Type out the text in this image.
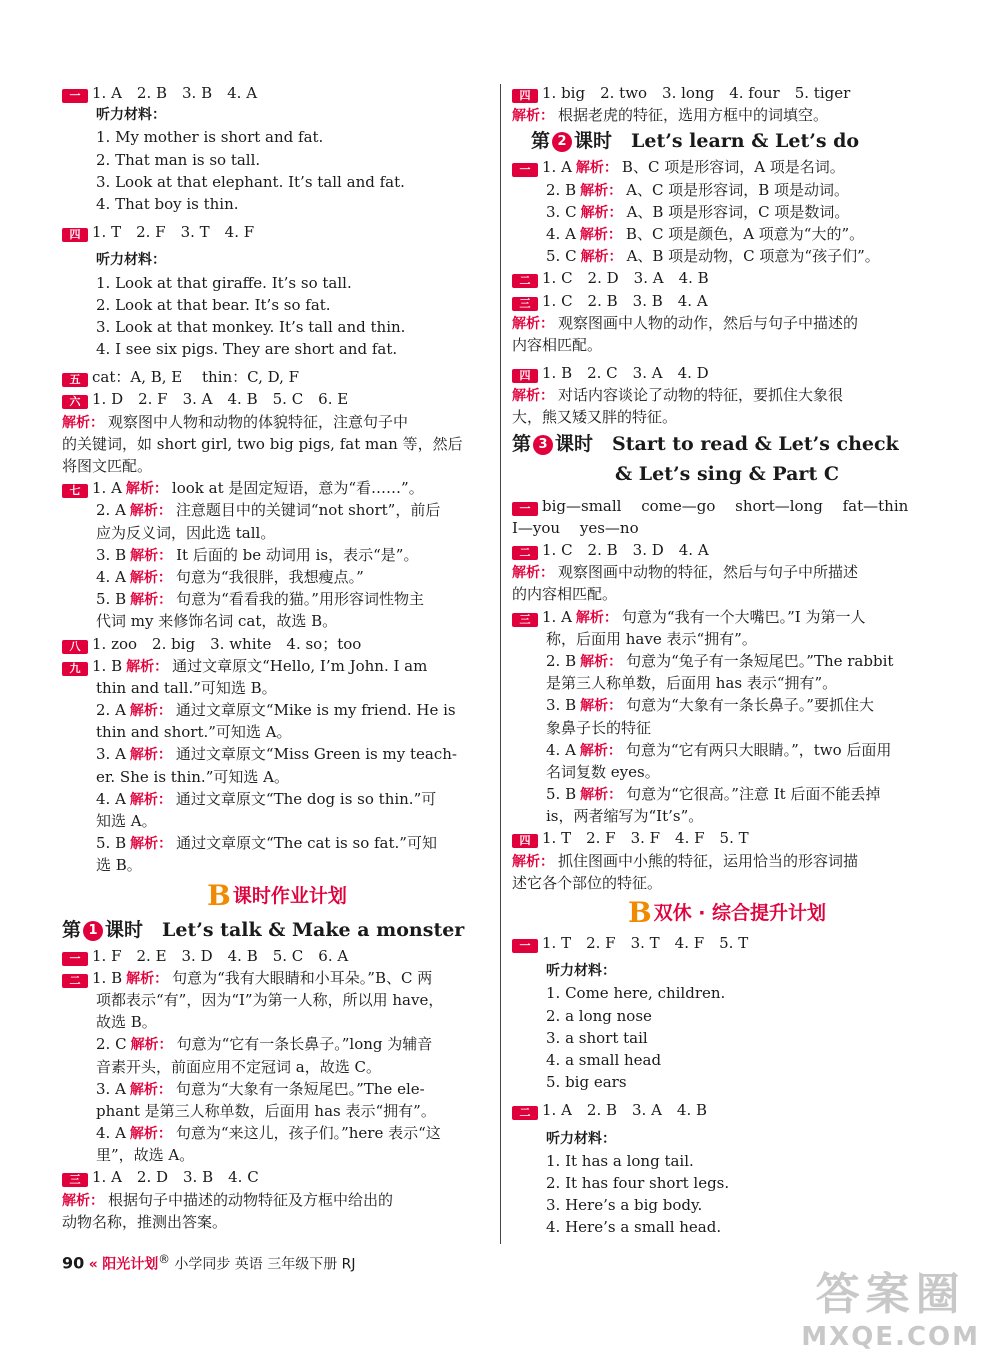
一 1. A　2. B　3. B　4. A
听力材料：
1. My mother is short and fat.
2. That man is so tall.
3. Look at that elephant. It’s tall and fat.
4. That boy is thin.
四 1. T　2. F　3. T　4. F
听力材料：
1. Look at that giraffe. It’s so tall.
2. Look at that bear. It’s so fat.
3. Look at that monkey. It’s tall and thin.
4. I see six pigs. They are short and fat.
五 cat：A, B, E　 thin：C, D, F
六 1. D　2. F　3. A　4. B　5. C　6. E
解析： 观察图中人物和动物的体貌特征，注意句子中
的关键词，如 short girl, two big pigs, fat man 等，然后
将图文匹配。
七 1. A 解析： look at 是固定短语，意为“看……”。
2. A 解析： 注意题目中的关键词“not short”，前后
应为反义词，因此选 tall。
3. B 解析： It 后面的 be 动词用 is，表示“是”。
4. A 解析： 句意为“我很胖，我想瘦点。”
5. B 解析： 句意为“看看我的猫。”用形容词性物主
代词 my 来修饰名词 cat，故选 B。
八 1. zoo　2. big　3. white　4. so；too
九 1. B 解析： 通过文章原文“Hello, I’m John. I am
thin and tall.”可知选 B。
2. A 解析： 通过文章原文“Mike is my friend. He is
thin and short.”可知选 A。
3. A 解析： 通过文章原文“Miss Green is my teach-
er. She is thin.”可知选 A。
4. A 解析： 通过文章原文“The dog is so thin.”可
知选 A。
5. B 解析： 通过文章原文“The cat is so fat.”可知
选 B。
B 课时作业计划
第 1 课时　Let’s talk & Make a monster
一 1. F　2. E　3. D　4. B　5. C　6. A
二 1. B 解析： 句意为“我有大眼睛和小耳朵。”B、C 两
项都表示“有”，因为“I”为第一人称，所以用 have，
故选 B。
2. C 解析： 句意为“它有一条长鼻子。”long 为辅音
音素开头，前面应用不定冠词 a，故选 C。
3. A 解析： 句意为“大象有一条短尾巴。”The ele-
phant 是第三人称单数，后面用 has 表示“拥有”。
4. A 解析： 句意为“来这儿，孩子们。”here 表示“这
里”，故选 A。
三 1. A　2. D　3. B　4. C
解析： 根据句子中描述的动物特征及方框中给出的
动物名称，推测出答案。
四 1. big　2. two　3. long　4. four　5. tiger
解析： 根据老虎的特征，选用方框中的词填空。
　第 2 课时　Let’s learn & Let’s do
一 1. A 解析： B、C 项是形容词，A 项是名词。
2. B 解析： A、C 项是形容词，B 项是动词。
3. C 解析： A、B 项是形容词，C 项是数词。
4. A 解析： B、C 项是颜色，A 项意为“大的”。
5. C 解析： A、B 项是动物，C 项意为“孩子们”。
二 1. C　2. D　3. A　4. B
三 1. C　2. B　3. B　4. A
解析： 观察图画中人物的动作，然后与句子中描述的
内容相匹配。
四 1. B　2. C　3. A　4. D
解析： 对话内容谈论了动物的特征，要抓住大象很
大，熊又矮又胖的特征。
第 3 课时　Start to read & Let’s check
& Let’s sing & Part C
一 big—small　 come—go　 short—long　 fat—thin
I—you　 yes—no
二 1. C　2. B　3. D　4. A
解析： 观察图画中动物的特征，然后与句子中所描述
的内容相匹配。
三 1. A 解析： 句意为“我有一个大嘴巴。”I 为第一人
称，后面用 have 表示“拥有”。
2. B 解析： 句意为“兔子有一条短尾巴。”The rabbit
是第三人称单数，后面用 has 表示“拥有”。
3. B 解析： 句意为“大象有一条长鼻子。”要抓住大
象鼻子长的特征
4. A 解析： 句意为“它有两只大眼睛。”，two 后面用
名词复数 eyes。
5. B 解析： 句意为“它很高。”注意 It 后面不能丢掉
is，两者缩写为“It’s”。
四 1. T　2. F　3. F　4. F　5. T
解析： 抓住图画中小熊的特征，运用恰当的形容词描
述它各个部位的特征。
B 双休 · 综合提升计划
一 1. T　2. F　3. T　4. F　5. T
听力材料：
1. Come here, children.
2. a long nose
3. a short tail
4. a small head
5. big ears
二 1. A　2. B　3. A　4. B
听力材料：
1. It has a long tail.
2. It has four short legs.
3. Here’s a big body.
4. Here’s a small head.
90 « 阳光计划® 小学同步 英语 三年级下册 RJ
答案圈
MXQE.COM
